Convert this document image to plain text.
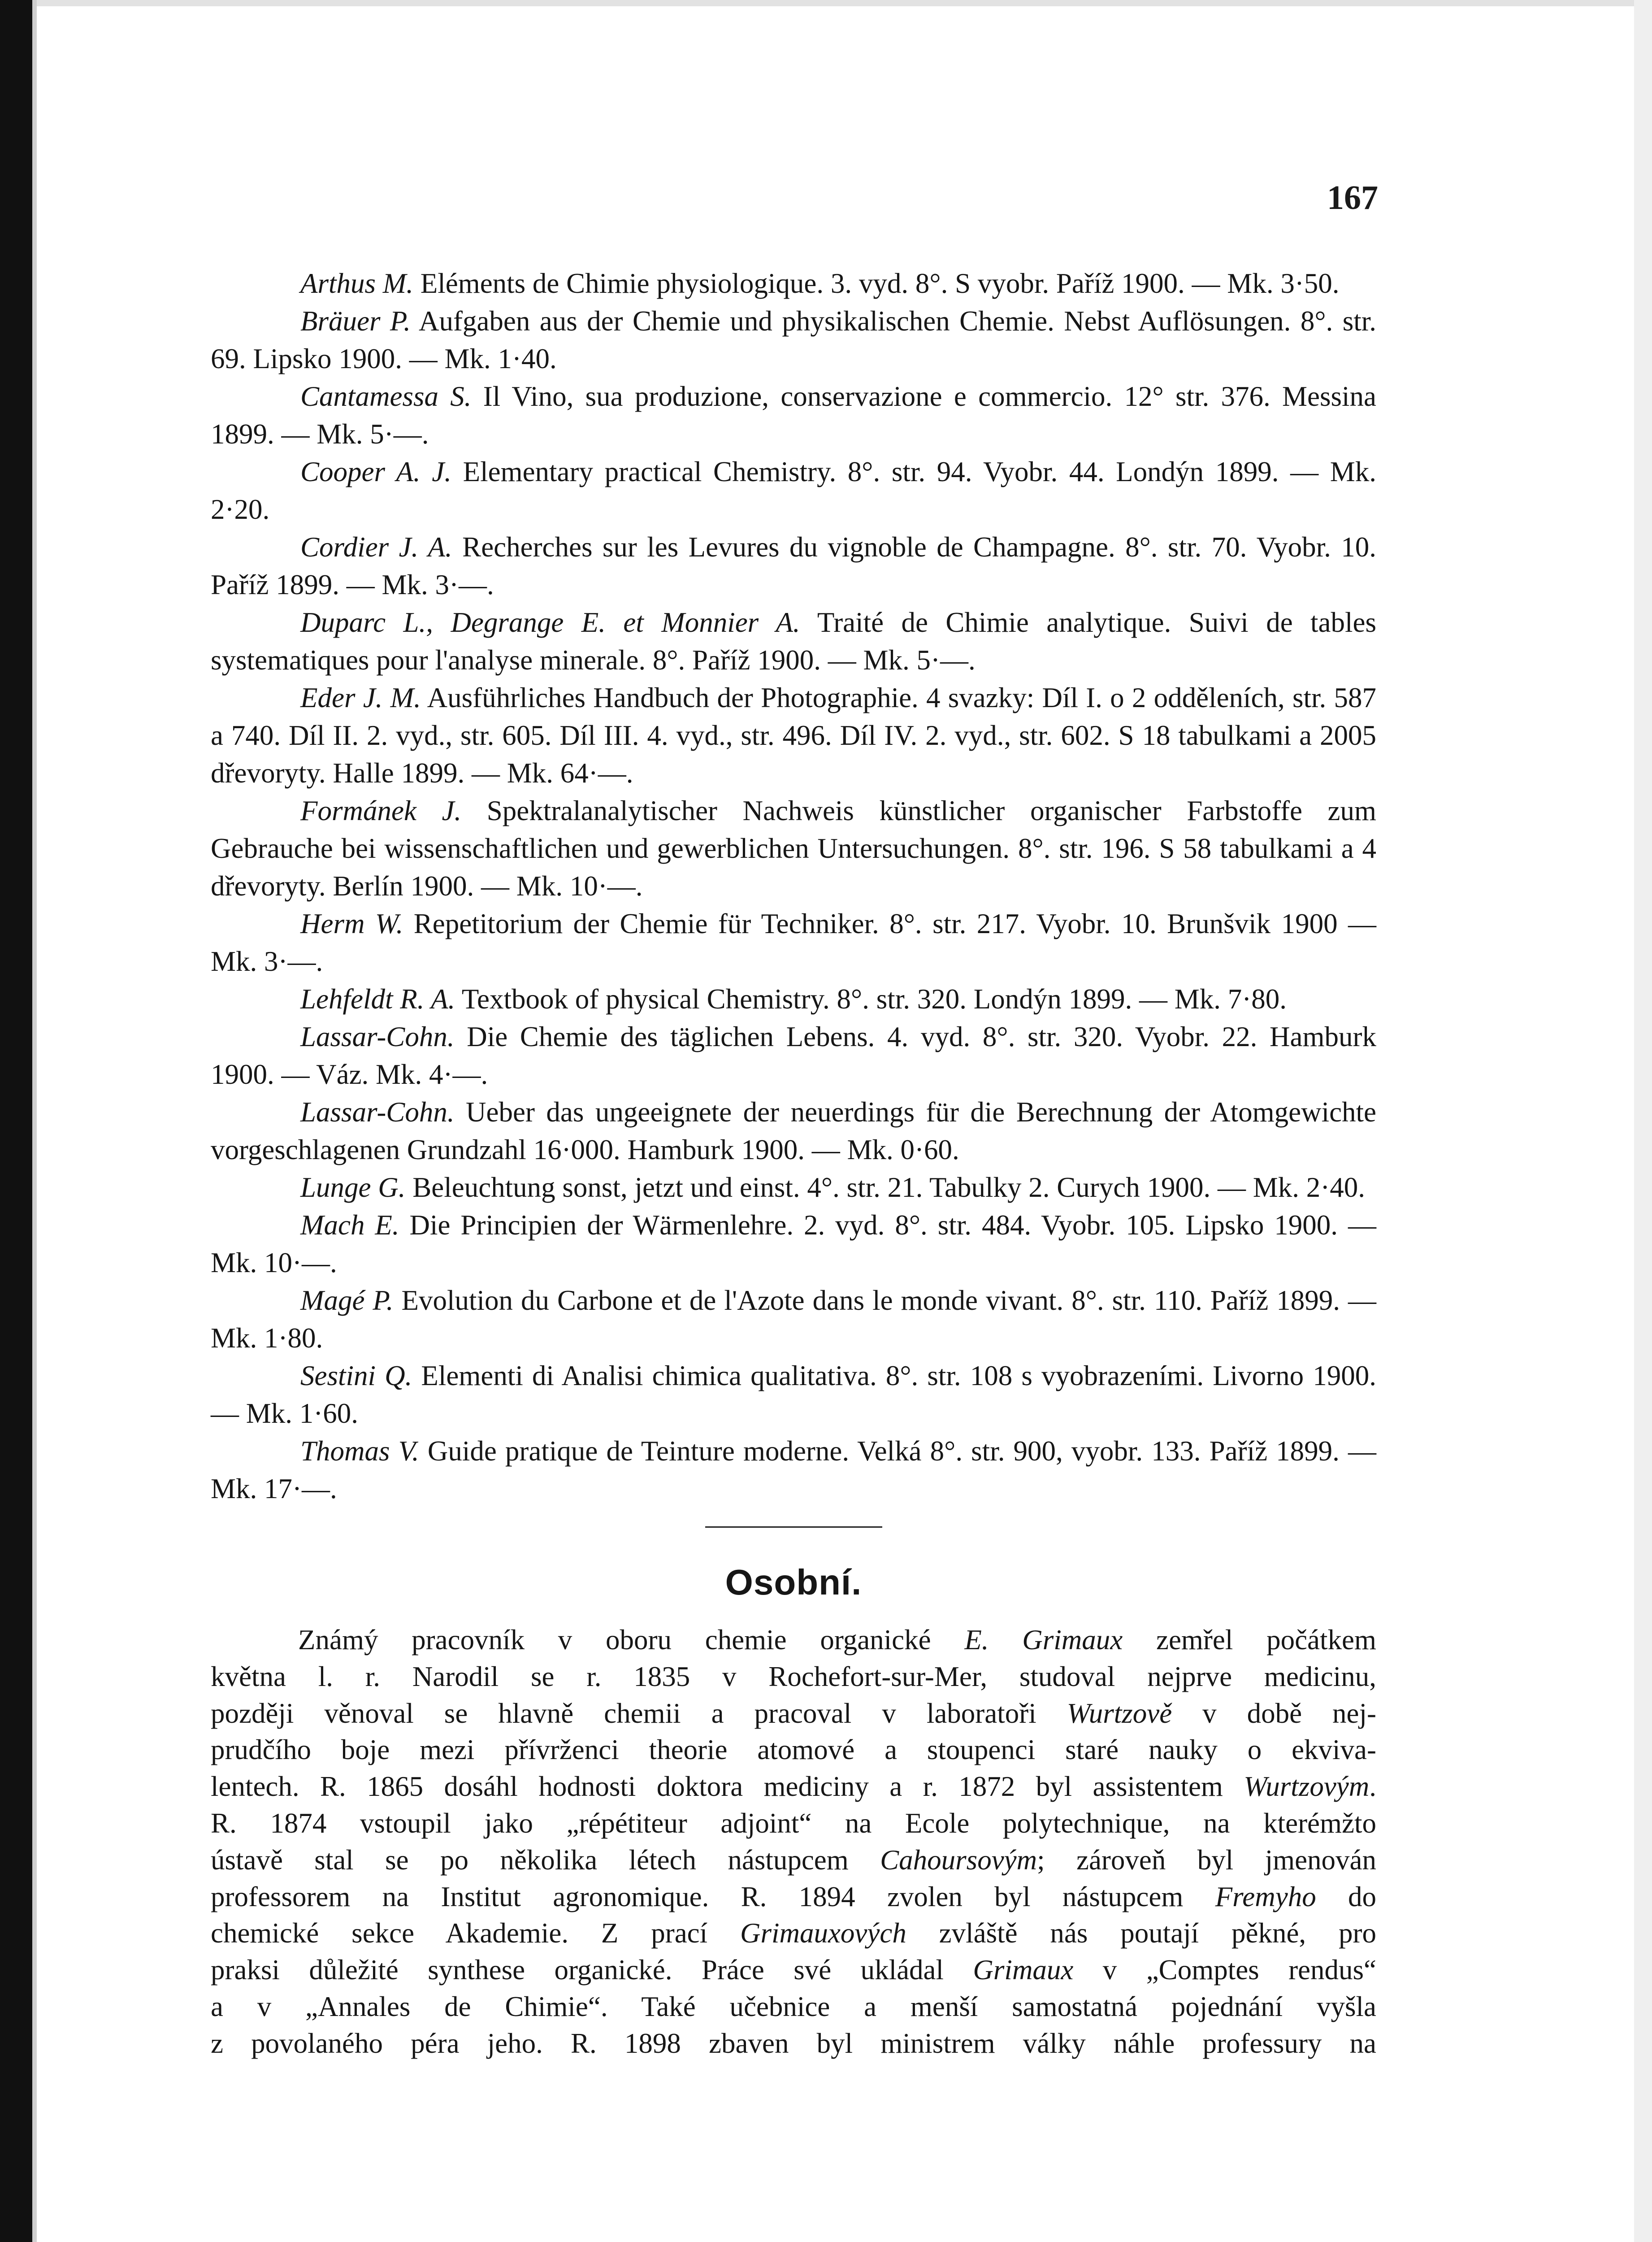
167

Arthus M. Eléments de Chimie physiologique. 3. vyd. 8°. S vyobr. Paříž 1900. — Mk. 3·50.

Bräuer P. Aufgaben aus der Chemie und physikalischen Chemie. Nebst Auflösungen. 8°. str. 69. Lipsko 1900. — Mk. 1·40.

Cantamessa S. Il Vino, sua produzione, conservazione e commercio. 12° str. 376. Messina 1899. — Mk. 5·—.

Cooper A. J. Elementary practical Chemistry. 8°. str. 94. Vyobr. 44. Londýn 1899. — Mk. 2·20.

Cordier J. A. Recherches sur les Levures du vignoble de Champagne. 8°. str. 70. Vyobr. 10. Paříž 1899. — Mk. 3·—.

Duparc L., Degrange E. et Monnier A. Traité de Chimie analytique. Suivi de tables systematiques pour l'analyse minerale. 8°. Paříž 1900. — Mk. 5·—.

Eder J. M. Ausführliches Handbuch der Photographie. 4 svazky: Díl I. o 2 odděleních, str. 587 a 740. Díl II. 2. vyd., str. 605. Díl III. 4. vyd., str. 496. Díl IV. 2. vyd., str. 602. S 18 tabulkami a 2005 dřevoryty. Halle 1899. — Mk. 64·—.

Formánek J. Spektralanalytischer Nachweis künstlicher organischer Farbstoffe zum Gebrauche bei wissenschaftlichen und gewerblichen Untersuchungen. 8°. str. 196. S 58 tabulkami a 4 dřevoryty. Berlín 1900. — Mk. 10·—.

Herm W. Repetitorium der Chemie für Techniker. 8°. str. 217. Vyobr. 10. Brunšvik 1900 — Mk. 3·—.

Lehfeldt R. A. Textbook of physical Chemistry. 8°. str. 320. Londýn 1899. — Mk. 7·80.

Lassar-Cohn. Die Chemie des täglichen Lebens. 4. vyd. 8°. str. 320. Vyobr. 22. Hamburk 1900. — Váz. Mk. 4·—.

Lassar-Cohn. Ueber das ungeeignete der neuerdings für die Berechnung der Atomgewichte vorgeschlagenen Grundzahl 16·000. Hamburk 1900. — Mk. 0·60.

Lunge G. Beleuchtung sonst, jetzt und einst. 4°. str. 21. Tabulky 2. Curych 1900. — Mk. 2·40.

Mach E. Die Principien der Wärmenlehre. 2. vyd. 8°. str. 484. Vyobr. 105. Lipsko 1900. — Mk. 10·—.

Magé P. Evolution du Carbone et de l'Azote dans le monde vivant. 8°. str. 110. Paříž 1899. — Mk. 1·80.

Sestini Q. Elementi di Analisi chimica qualitativa. 8°. str. 108 s vyobrazeními. Livorno 1900. — Mk. 1·60.

Thomas V. Guide pratique de Teinture moderne. Velká 8°. str. 900, vyobr. 133. Paříž 1899. — Mk. 17·—.

Osobní.
Známý pracovník v oboru chemie organické E. Grimaux zemřel počátkem
května l. r. Narodil se r. 1835 v Rochefort-sur-Mer, studoval nejprve medicinu,
později věnoval se hlavně chemii a pracoval v laboratoři Wurtzově v době nej-
prudčího boje mezi přívrženci theorie atomové a stoupenci staré nauky o ekviva-
lentech. R. 1865 dosáhl hodnosti doktora mediciny a r. 1872 byl assistentem Wurtzovým.
R. 1874 vstoupil jako „répétiteur adjoint“ na Ecole polytechnique, na kterémžto
ústavě stal se po několika létech nástupcem Cahoursovým; zároveň byl jmenován
professorem na Institut agronomique. R. 1894 zvolen byl nástupcem Fremyho do
chemické sekce Akademie. Z prací Grimauxových zvláště nás poutají pěkné, pro
praksi důležité synthese organické. Práce své ukládal Grimaux v „Comptes rendus“
a v „Annales de Chimie“. Také učebnice a menší samostatná pojednání vyšla
z povolaného péra jeho. R. 1898 zbaven byl ministrem války náhle professury na
